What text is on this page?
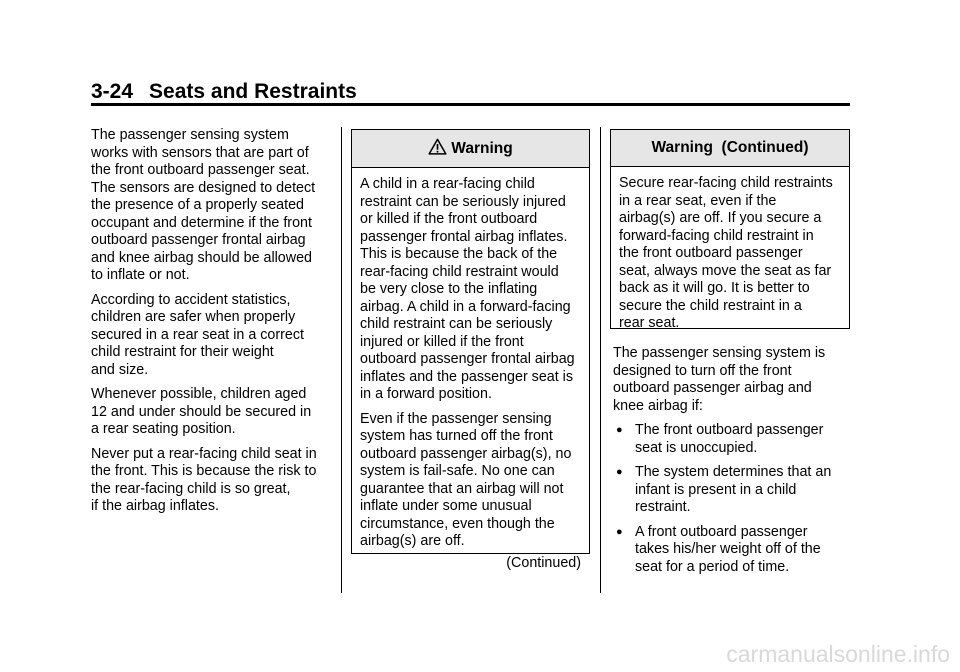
3-24 Seats and Restraints

The passenger sensing system
works with sensors that are part of
the front outboard passenger seat.
The sensors are designed to detect
the presence of a properly seated
occupant and determine if the front
outboard passenger frontal airbag
and knee airbag should be allowed
to inflate or not.

According to accident statistics,
children are safer when properly
secured in a rear seat in a correct
child restraint for their weight
and size.

Whenever possible, children aged
12 and under should be secured in
a rear seating position.

Never put a rear-facing child seat in
the front. This is because the risk to
the rear-facing child is so great,
if the airbag inflates.

Warning

A child in a rear-facing child
restraint can be seriously injured
or killed if the front outboard
passenger frontal airbag inflates.
This is because the back of the
rear-facing child restraint would
be very close to the inflating
airbag. A child in a forward-facing
child restraint can be seriously
injured or killed if the front
outboard passenger frontal airbag
inflates and the passenger seat is
in a forward position.

Even if the passenger sensing
system has turned off the front
outboard passenger airbag(s), no
system is fail-safe. No one can
guarantee that an airbag will not
inflate under some unusual
circumstance, even though the
airbag(s) are off.

(Continued)
Warning  (Continued)

Secure rear-facing child restraints
in a rear seat, even if the
airbag(s) are off. If you secure a
forward-facing child restraint in
the front outboard passenger
seat, always move the seat as far
back as it will go. It is better to
secure the child restraint in a
rear seat.

The passenger sensing system is
designed to turn off the front
outboard passenger airbag and
knee airbag if:

● The front outboard passenger
seat is unoccupied.
● The system determines that an
infant is present in a child
restraint.
● A front outboard passenger
takes his/her weight off of the
seat for a period of time.
carmanualsonline.info
